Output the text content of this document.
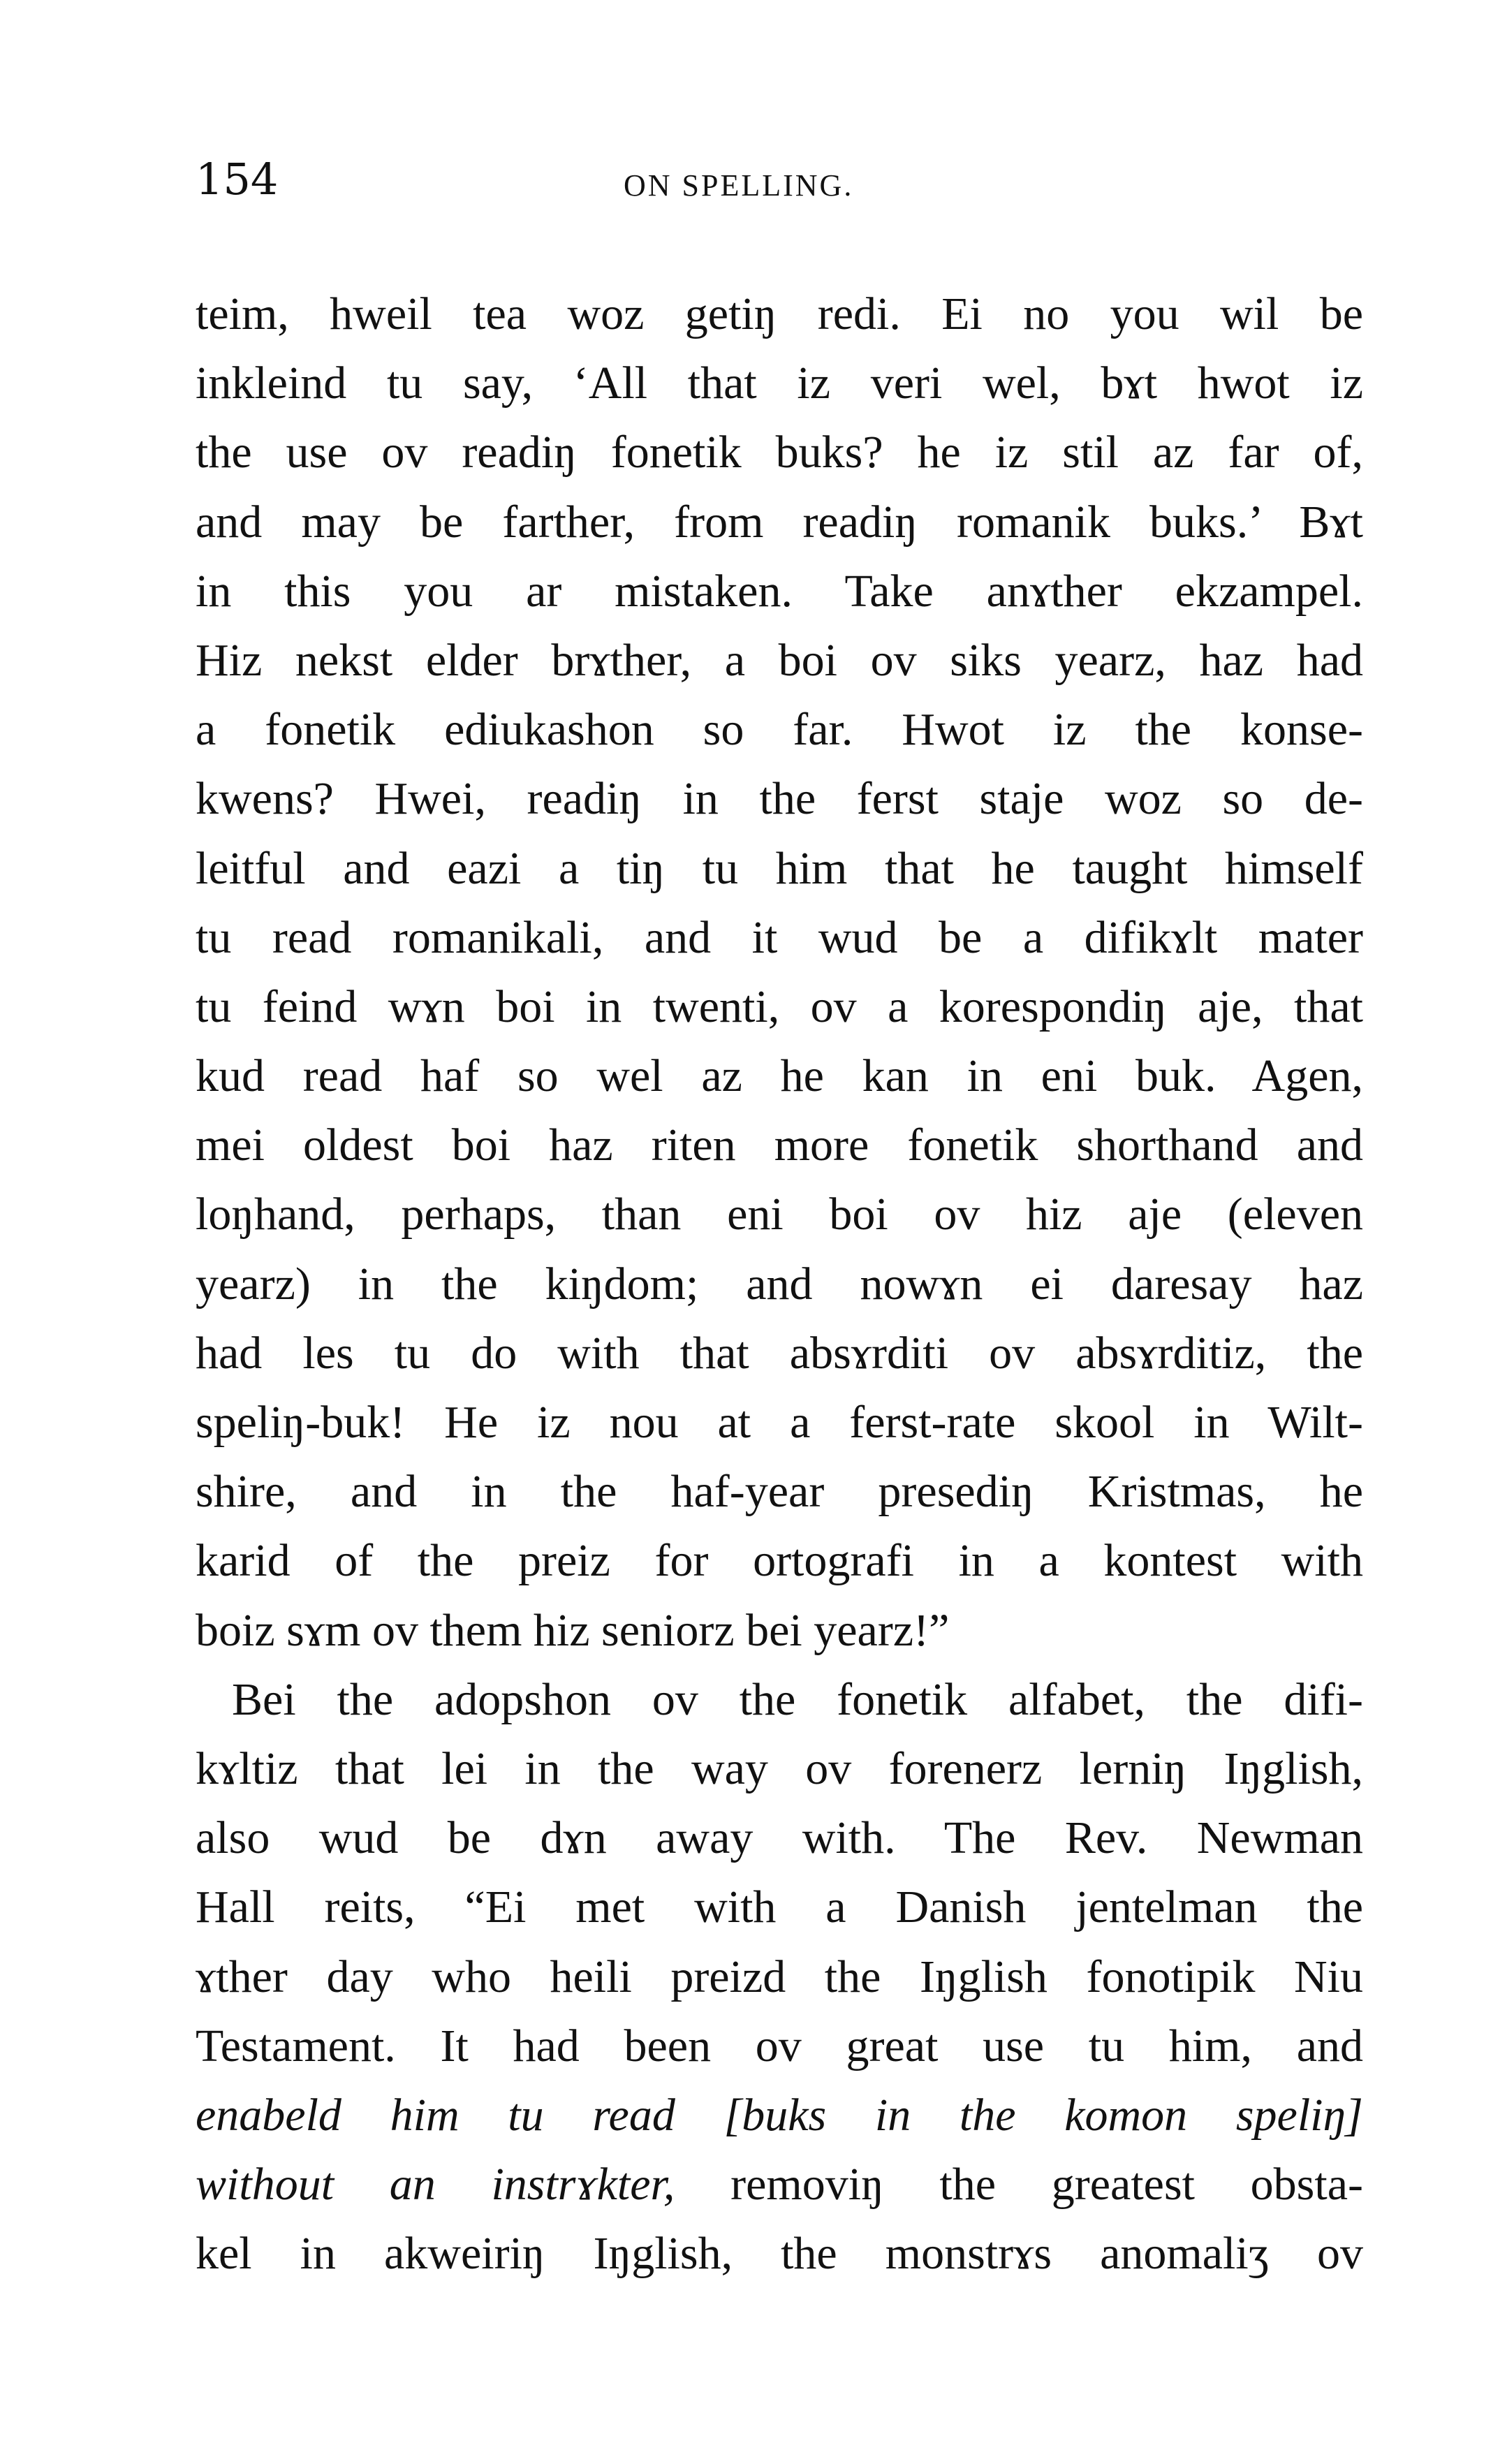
154	ON SPELLING.
teim, hweil tea woz getiŋ redi. Ei no you wil be
inkleind tu say, ‘All that iz veri wel, bɤt hwot iz
the use ov readiŋ fonetik buks? he iz stil az far of,
and may be farther, from readiŋ romanik buks.’ Bɤt
in this you ar mistaken. Take anɤther ekzampel.
Hiz nekst elder brɤther, a boi ov siks yearz, haz had
a fonetik ediukashon so far. Hwot iz the konse-
kwens? Hwei, readiŋ in the ferst staje woz so de-
leitful and eazi a tiŋ tu him that he taught himself
tu read romanikali, and it wud be a difikɤlt mater
tu feind wɤn boi in twenti, ov a korespondiŋ aje, that
kud read haf so wel az he kan in eni buk. Agen,
mei oldest boi haz riten more fonetik shorthand and
loŋhand, perhaps, than eni boi ov hiz aje (eleven
yearz) in the kiŋdom; and nowɤn ei daresay haz
had les tu do with that absɤrditi ov absɤrditiz, the
speliŋ-buk! He iz nou at a ferst-rate skool in Wilt-
shire, and in the haf-year presediŋ Kristmas, he
karid of the preiz for ortografi in a kontest with
boiz sɤm ov them hiz seniorz bei yearz!”
Bei the adopshon ov the fonetik alfabet, the difi-
kɤltiz that lei in the way ov forenerz lerniŋ Iŋglish,
also wud be dɤn away with. The Rev. Newman
Hall reits, “Ei met with a Danish jentelman the
ɤther day who heili preizd the Iŋglish fonotipik Niu
Testament. It had been ov great use tu him, and
enabeld him tu read [buks in the komon speliŋ]
without an instrɤkter, removiŋ the greatest obsta-
kel in akweiriŋ Iŋglish, the monstrɤs anomaliʒ ov
